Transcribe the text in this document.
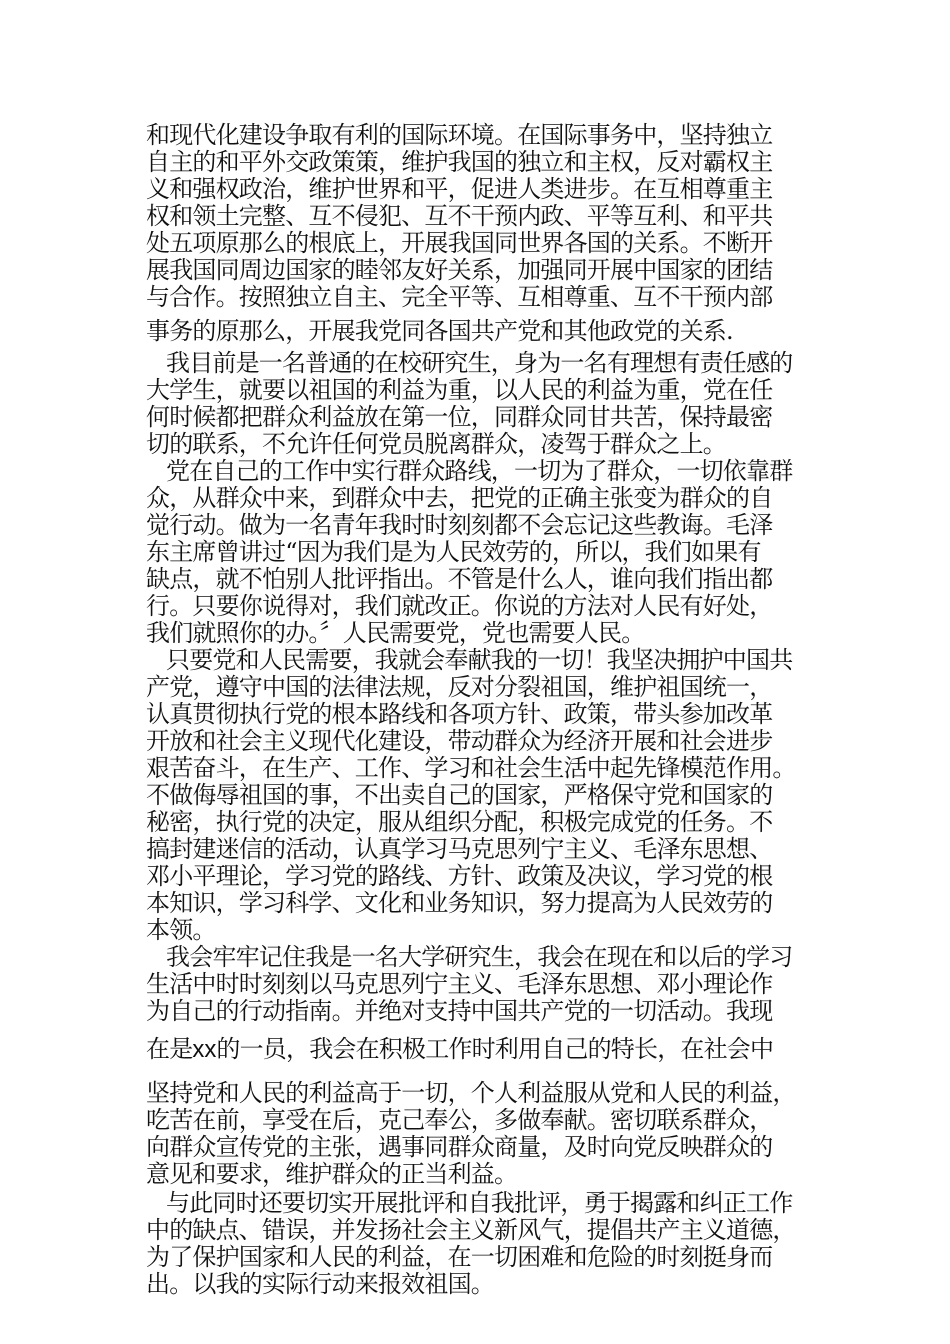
和现代化建设争取有利的国际环境。在国际事务中，坚持独立
自主的和平外交政策策，维护我国的独立和主权，反对霸权主
义和强权政治，维护世界和平，促进人类进步。在互相尊重主
权和领土完整、互不侵犯、互不干预内政、平等互利、和平共
处五项原那么的根底上，开展我国同世界各国的关系。不断开
展我国同周边国家的睦邻友好关系，加强同开展中国家的团结
与合作。按照独立自主、完全平等、互相尊重、互不干预内部
事务的原那么，开展我党同各国共产党和其他政党的关系.
我目前是一名普通的在校研究生，身为一名有理想有责任感的
大学生，就要以祖国的利益为重，以人民的利益为重，党在任
何时候都把群众利益放在第一位，同群众同甘共苦，保持最密
切的联系，不允许任何党员脱离群众，凌驾于群众之上。
党在自己的工作中实行群众路线，一切为了群众，一切依靠群
众，从群众中来，到群众中去，把党的正确主张变为群众的自
觉行动。做为一名青年我时时刻刻都不会忘记这些教诲。毛泽
东主席曾讲过“因为我们是为人民效劳的，所以，我们如果有
缺点，就不怕别人批评指出。不管是什么人，谁向我们指出都
行。只要你说得对，我们就改正。你说的方法对人民有好处，
我们就照你的办。〞人民需要党，党也需要人民。
只要党和人民需要，我就会奉献我的一切！我坚决拥护中国共
产党，遵守中国的法律法规，反对分裂祖国，维护祖国统一，
认真贯彻执行党的根本路线和各项方针、政策，带头参加改革
开放和社会主义现代化建设，带动群众为经济开展和社会进步
艰苦奋斗，在生产、工作、学习和社会生活中起先锋模范作用。
不做侮辱祖国的事，不出卖自己的国家，严格保守党和国家的
秘密，执行党的决定，服从组织分配，积极完成党的任务。不
搞封建迷信的活动，认真学习马克思列宁主义、毛泽东思想、
邓小平理论，学习党的路线、方针、政策及决议，学习党的根
本知识，学习科学、文化和业务知识，努力提高为人民效劳的
本领。
我会牢牢记住我是一名大学研究生，我会在现在和以后的学习
生活中时时刻刻以马克思列宁主义、毛泽东思想、邓小理论作
为自己的行动指南。并绝对支持中国共产党的一切活动。我现
在是xx的一员，我会在积极工作时利用自己的特长，在社会中
坚持党和人民的利益高于一切，个人利益服从党和人民的利益，
吃苦在前，享受在后，克己奉公，多做奉献。密切联系群众，
向群众宣传党的主张，遇事同群众商量，及时向党反映群众的
意见和要求，维护群众的正当利益。
与此同时还要切实开展批评和自我批评，勇于揭露和纠正工作
中的缺点、错误，并发扬社会主义新风气，提倡共产主义道德，
为了保护国家和人民的利益，在一切困难和危险的时刻挺身而
出。以我的实际行动来报效祖国。
